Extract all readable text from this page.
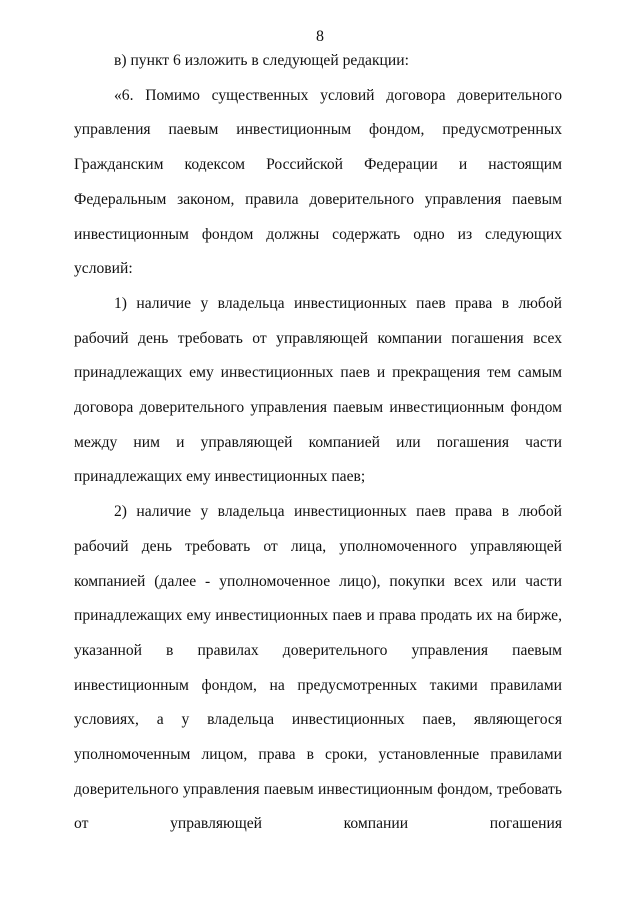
8

в) пункт 6 изложить в следующей редакции:

«6. Помимо существенных условий договора доверительного управления паевым инвестиционным фондом, предусмотренных Гражданским кодексом Российской Федерации и настоящим Федеральным законом, правила доверительного управления паевым инвестиционным фондом должны содержать одно из следующих условий:

1) наличие у владельца инвестиционных паев права в любой рабочий день требовать от управляющей компании погашения всех принадлежащих ему инвестиционных паев и прекращения тем самым договора доверительного управления паевым инвестиционным фондом между ним и управляющей компанией или погашения части принадлежащих ему инвестиционных паев;

2) наличие у владельца инвестиционных паев права в любой рабочий день требовать от лица, уполномоченного управляющей компанией (далее - уполномоченное лицо), покупки всех или части принадлежащих ему инвестиционных паев и права продать их на бирже, указанной в правилах доверительного управления паевым инвестиционным фондом, на предусмотренных такими правилами условиях, а у владельца инвестиционных паев, являющегося уполномоченным лицом, права в сроки, установленные правилами доверительного управления паевым инвестиционным фондом, требовать от управляющей компании погашения
